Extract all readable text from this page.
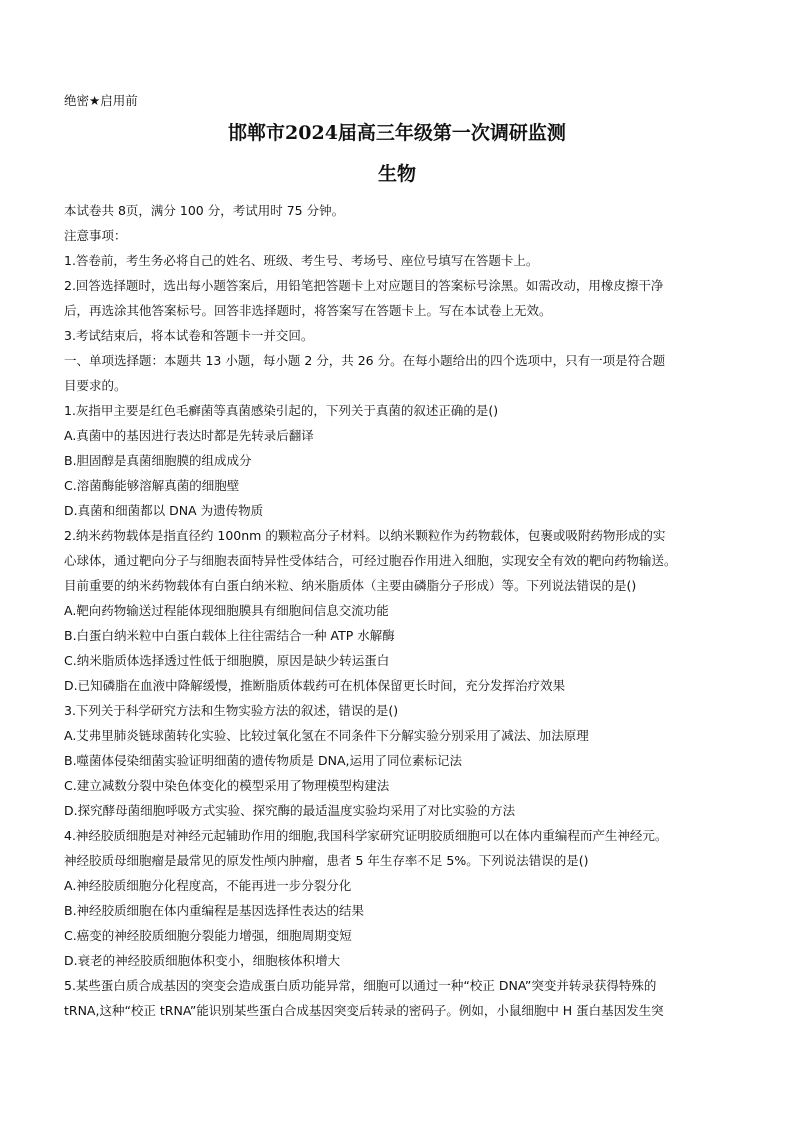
绝密★启用前
邯郸市2024届高三年级第一次调研监测
生物

本试卷共 8页，满分 100 分，考试用时 75 分钟。

注意事项：

1.答卷前，考生务必将自己的姓名、班级、考生号、考场号、座位号填写在答题卡上。

2.回答选择题时，选出每小题答案后，用铅笔把答题卡上对应题目的答案标号涂黑。如需改动，用橡皮擦干净

后，再选涂其他答案标号。回答非选择题时，将答案写在答题卡上。写在本试卷上无效。

3.考试结束后，将本试卷和答题卡一并交回。

一、单项选择题：本题共 13 小题，每小题 2 分，共 26 分。在每小题给出的四个选项中，只有一项是符合题

目要求的。

1.灰指甲主要是红色毛癣菌等真菌感染引起的，下列关于真菌的叙述正确的是()

A.真菌中的基因进行表达时都是先转录后翻译

B.胆固醇是真菌细胞膜的组成成分

C.溶菌酶能够溶解真菌的细胞壁

D.真菌和细菌都以 DNA 为遗传物质

2.纳米药物载体是指直径约 100nm 的颗粒高分子材料。以纳米颗粒作为药物载体，包裹或吸附药物形成的实

心球体，通过靶向分子与细胞表面特异性受体结合，可经过胞吞作用进入细胞，实现安全有效的靶向药物输送。

目前重要的纳米药物载体有白蛋白纳米粒、纳米脂质体（主要由磷脂分子形成）等。下列说法错误的是()

A.靶向药物输送过程能体现细胞膜具有细胞间信息交流功能

B.白蛋白纳米粒中白蛋白载体上往往需结合一种 ATP 水解酶

C.纳米脂质体选择透过性低于细胞膜，原因是缺少转运蛋白

D.已知磷脂在血液中降解缓慢，推断脂质体载药可在机体保留更长时间，充分发挥治疗效果

3.下列关于科学研究方法和生物实验方法的叙述，错误的是()

A.艾弗里肺炎链球菌转化实验、比较过氧化氢在不同条件下分解实验分别采用了减法、加法原理

B.噬菌体侵染细菌实验证明细菌的遗传物质是 DNA,运用了同位素标记法

C.建立减数分裂中染色体变化的模型采用了物理模型构建法

D.探究酵母菌细胞呼吸方式实验、探究酶的最适温度实验均采用了对比实验的方法

4.神经胶质细胞是对神经元起辅助作用的细胞,我国科学家研究证明胶质细胞可以在体内重编程而产生神经元。

神经胶质母细胞瘤是最常见的原发性颅内肿瘤，患者 5 年生存率不足 5%。下列说法错误的是()

A.神经胶质细胞分化程度高，不能再进一步分裂分化

B.神经胶质细胞在体内重编程是基因选择性表达的结果

C.癌变的神经胶质细胞分裂能力增强，细胞周期变短

D.衰老的神经胶质细胞体积变小，细胞核体积增大

5.某些蛋白质合成基因的突变会造成蛋白质功能异常，细胞可以通过一种“校正 DNA”突变并转录获得特殊的

tRNA,这种“校正 tRNA”能识别某些蛋白合成基因突变后转录的密码子。例如，小鼠细胞中 H 蛋白基因发生突
